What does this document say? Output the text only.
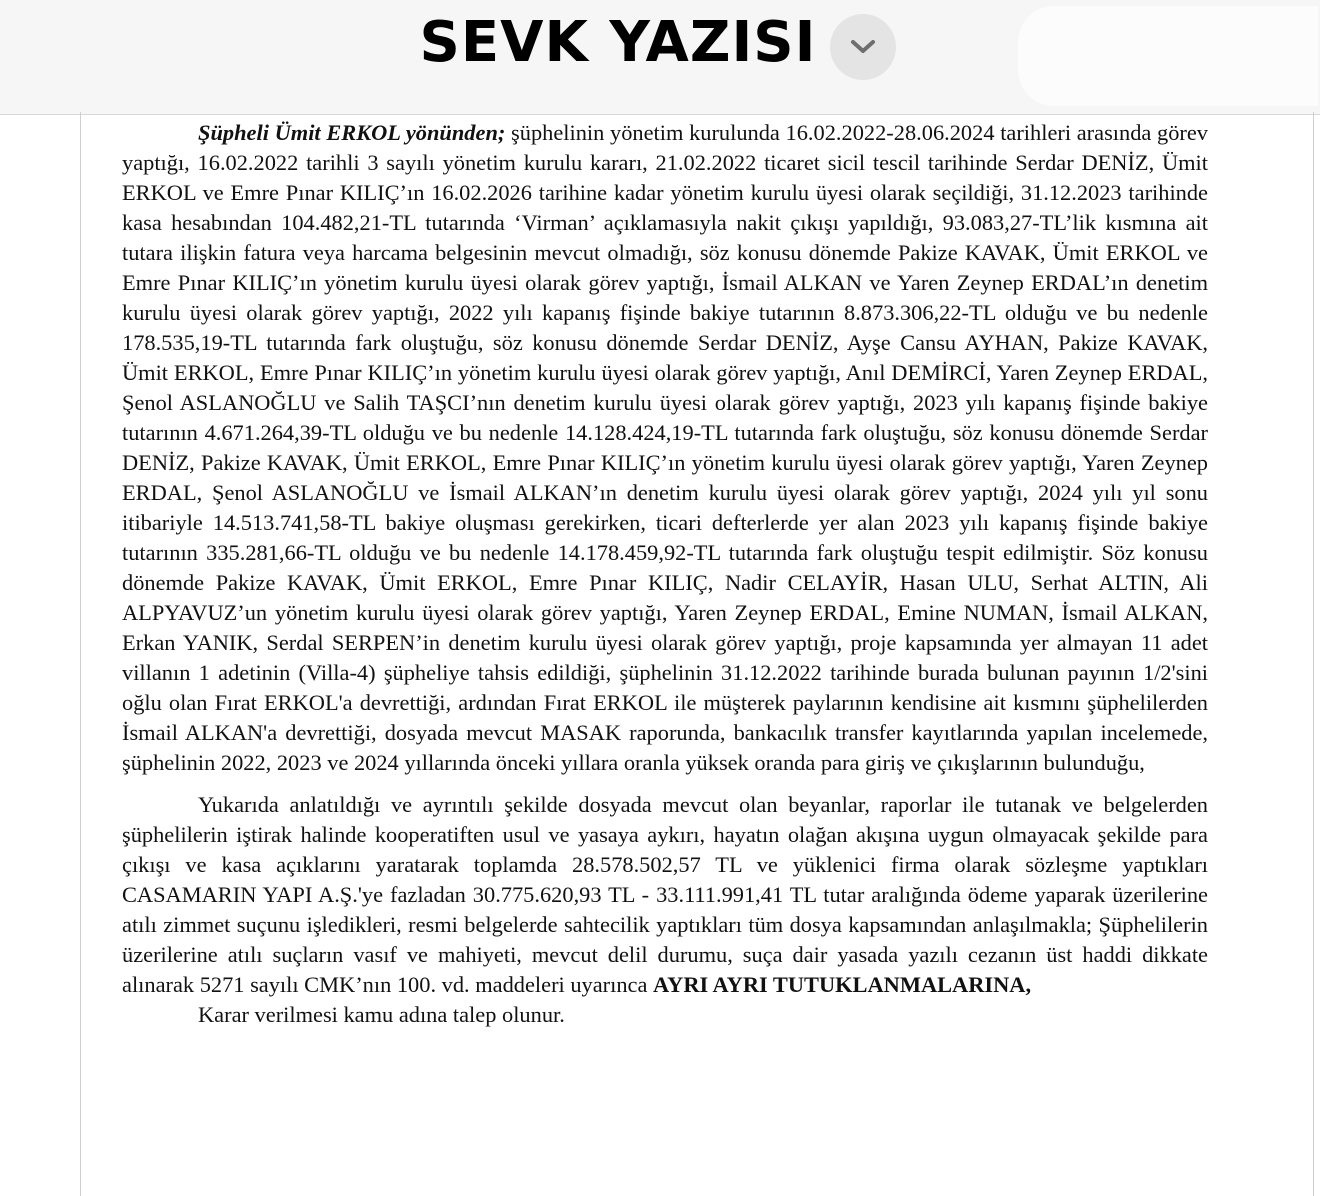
SEVK YAZISI

Şüpheli Ümit ERKOL yönünden; şüphelinin yönetim kurulunda 16.02.2022-28.06.2024 tarihleri arasında görev yaptığı, 16.02.2022 tarihli 3 sayılı yönetim kurulu kararı, 21.02.2022 ticaret sicil tescil tarihinde Serdar DENİZ, Ümit ERKOL ve Emre Pınar KILIÇ’ın 16.02.2026 tarihine kadar yönetim kurulu üyesi olarak seçildiği, 31.12.2023 tarihinde kasa hesabından 104.482,21-TL tutarında ‘Virman’ açıklamasıyla nakit çıkışı yapıldığı, 93.083,27-TL’lik kısmına ait tutara ilişkin fatura veya harcama belgesinin mevcut olmadığı, söz konusu dönemde Pakize KAVAK, Ümit ERKOL ve Emre Pınar KILIÇ’ın yönetim kurulu üyesi olarak görev yaptığı, İsmail ALKAN ve Yaren Zeynep ERDAL’ın denetim kurulu üyesi olarak görev yaptığı, 2022 yılı kapanış fişinde bakiye tutarının 8.873.306,22-TL olduğu ve bu nedenle 178.535,19-TL tutarında fark oluştuğu, söz konusu dönemde Serdar DENİZ, Ayşe Cansu AYHAN, Pakize KAVAK, Ümit ERKOL, Emre Pınar KILIÇ’ın yönetim kurulu üyesi olarak görev yaptığı, Anıl DEMİRCİ, Yaren Zeynep ERDAL, Şenol ASLANOĞLU ve Salih TAŞCI’nın denetim kurulu üyesi olarak görev yaptığı, 2023 yılı kapanış fişinde bakiye tutarının 4.671.264,39-TL olduğu ve bu nedenle 14.128.424,19-TL tutarında fark oluştuğu, söz konusu dönemde Serdar DENİZ, Pakize KAVAK, Ümit ERKOL, Emre Pınar KILIÇ’ın yönetim kurulu üyesi olarak görev yaptığı, Yaren Zeynep ERDAL, Şenol ASLANOĞLU ve İsmail ALKAN’ın denetim kurulu üyesi olarak görev yaptığı, 2024 yılı yıl sonu itibariyle 14.513.741,58-TL bakiye oluşması gerekirken, ticari defterlerde yer alan 2023 yılı kapanış fişinde bakiye tutarının 335.281,66-TL olduğu ve bu nedenle 14.178.459,92-TL tutarında fark oluştuğu tespit edilmiştir. Söz konusu dönemde Pakize KAVAK, Ümit ERKOL, Emre Pınar KILIÇ, Nadir CELAYİR, Hasan ULU, Serhat ALTIN, Ali ALPYAVUZ’un yönetim kurulu üyesi olarak görev yaptığı, Yaren Zeynep ERDAL, Emine NUMAN, İsmail ALKAN, Erkan YANIK, Serdal SERPEN’in denetim kurulu üyesi olarak görev yaptığı, proje kapsamında yer almayan 11 adet villanın 1 adetinin (Villa-4) şüpheliye tahsis edildiği, şüphelinin 31.12.2022 tarihinde burada bulunan payının 1/2'sini oğlu olan Fırat ERKOL'a devrettiği, ardından Fırat ERKOL ile müşterek paylarının kendisine ait kısmını şüphelilerden İsmail ALKAN'a devrettiği, dosyada mevcut MASAK raporunda, bankacılık transfer kayıtlarında yapılan incelemede, şüphelinin 2022, 2023 ve 2024 yıllarında önceki yıllara oranla yüksek oranda para giriş ve çıkışlarının bulunduğu,

Yukarıda anlatıldığı ve ayrıntılı şekilde dosyada mevcut olan beyanlar, raporlar ile tutanak ve belgelerden şüphelilerin iştirak halinde kooperatiften usul ve yasaya aykırı, hayatın olağan akışına uygun olmayacak şekilde para çıkışı ve kasa açıklarını yaratarak toplamda 28.578.502,57 TL ve yüklenici firma olarak sözleşme yaptıkları CASAMARIN YAPI A.Ş.'ye fazladan 30.775.620,93 TL - 33.111.991,41 TL tutar aralığında ödeme yaparak üzerilerine atılı zimmet suçunu işledikleri, resmi belgelerde sahtecilik yaptıkları tüm dosya kapsamından anlaşılmakla; Şüphelilerin üzerilerine atılı suçların vasıf ve mahiyeti, mevcut delil durumu, suça dair yasada yazılı cezanın üst haddi dikkate alınarak 5271 sayılı CMK’nın 100. vd. maddeleri uyarınca AYRI AYRI TUTUKLANMALARINA,

Karar verilmesi kamu adına talep olunur.
